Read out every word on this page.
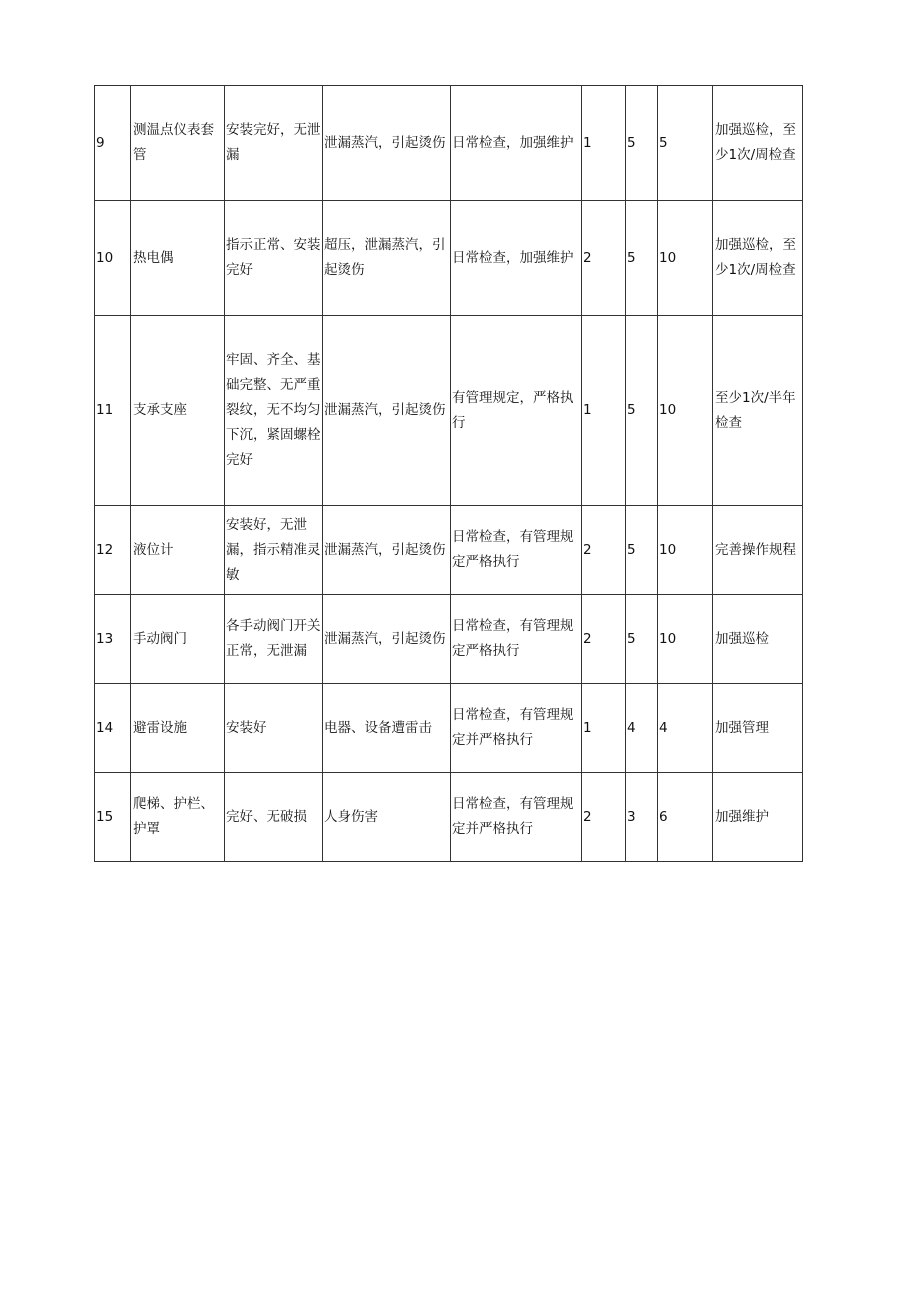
9	测温点仪表套管	安装完好，无泄漏	泄漏蒸汽，引起烫伤	日常检查，加强维护	1	5	5	加强巡检，至少1次/周检查
10	热电偶	指示正常、安装完好	超压，泄漏蒸汽，引起烫伤	日常检查，加强维护	2	5	10	加强巡检，至少1次/周检查
11	支承支座	牢固、齐全、基础完整、无严重裂纹，无不均匀下沉，紧固螺栓完好	泄漏蒸汽，引起烫伤	有管理规定，严格执行	1	5	10	至少1次/半年检查
12	液位计	安装好，无泄漏，指示精准灵敏	泄漏蒸汽，引起烫伤	日常检查，有管理规定严格执行	2	5	10	完善操作规程
13	手动阀门	各手动阀门开关正常，无泄漏	泄漏蒸汽，引起烫伤	日常检查，有管理规定严格执行	2	5	10	加强巡检
14	避雷设施	安装好	电器、设备遭雷击	日常检查，有管理规定并严格执行	1	4	4	加强管理
15	爬梯、护栏、护罩	完好、无破损	人身伤害	日常检查，有管理规定并严格执行	2	3	6	加强维护
